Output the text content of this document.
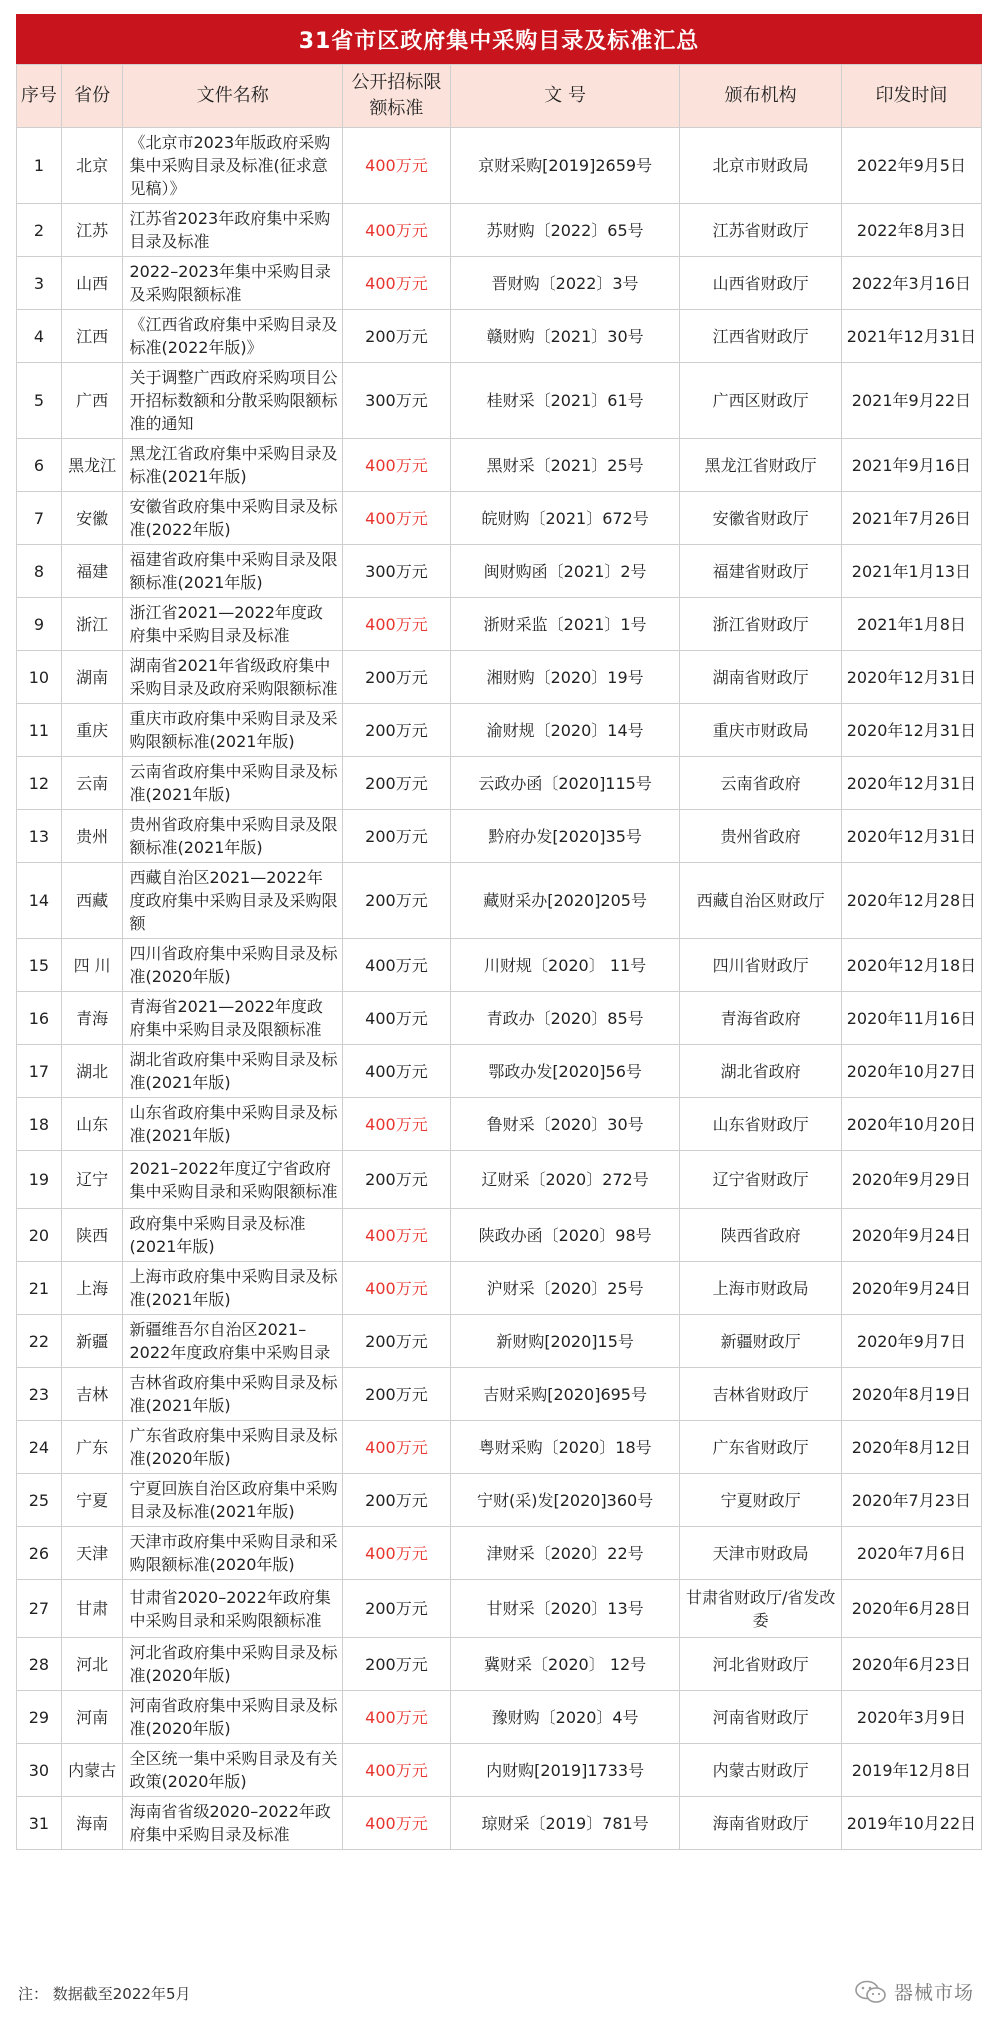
31省市区政府集中采购目录及标准汇总
序号	省份	文件名称	公开招标限额标准	文 号	颁布机构	印发时间
1	北京	《北京市2023年版政府采购集中采购目录及标准(征求意见稿）》	400万元	京财采购[2019]2659号	北京市财政局	2022年9月5日
2	江苏	江苏省2023年政府集中采购目录及标准	400万元	苏财购〔2022〕65号	江苏省财政厅	2022年8月3日
3	山西	2022–2023年集中采购目录及采购限额标准	400万元	晋财购〔2022〕3号	山西省财政厅	2022年3月16日
4	江西	《江西省政府集中采购目录及标准(2022年版)》	200万元	赣财购〔2021〕30号	江西省财政厅	2021年12月31日
5	广西	关于调整广西政府采购项目公开招标数额和分散采购限额标准的通知	300万元	桂财采〔2021〕61号	广西区财政厅	2021年9月22日
6	黑龙江	黑龙江省政府集中采购目录及标准(2021年版)	400万元	黑财采〔2021〕25号	黑龙江省财政厅	2021年9月16日
7	安徽	安徽省政府集中采购目录及标准(2022年版)	400万元	皖财购〔2021〕672号	安徽省财政厅	2021年7月26日
8	福建	福建省政府集中采购目录及限额标准(2021年版)	300万元	闽财购函〔2021〕2号	福建省财政厅	2021年1月13日
9	浙江	浙江省2021—2022年度政府集中采购目录及标准	400万元	浙财采监〔2021〕1号	浙江省财政厅	2021年1月8日
10	湖南	湖南省2021年省级政府集中采购目录及政府采购限额标准	200万元	湘财购〔2020〕19号	湖南省财政厅	2020年12月31日
11	重庆	重庆市政府集中采购目录及采购限额标准(2021年版)	200万元	渝财规〔2020〕14号	重庆市财政局	2020年12月31日
12	云南	云南省政府集中采购目录及标准(2021年版)	200万元	云政办函〔2020]115号	云南省政府	2020年12月31日
13	贵州	贵州省政府集中采购目录及限额标准(2021年版)	200万元	黔府办发[2020]35号	贵州省政府	2020年12月31日
14	西藏	西藏自治区2021—2022年度政府集中采购目录及采购限额	200万元	藏财采办[2020]205号	西藏自治区财政厅	2020年12月28日
15	四 川	四川省政府集中采购目录及标准(2020年版)	400万元	川财规〔2020〕 11号	四川省财政厅	2020年12月18日
16	青海	青海省2021—2022年度政府集中采购目录及限额标准	400万元	青政办〔2020〕85号	青海省政府	2020年11月16日
17	湖北	湖北省政府集中采购目录及标准(2021年版)	400万元	鄂政办发[2020]56号	湖北省政府	2020年10月27日
18	山东	山东省政府集中采购目录及标准(2021年版)	400万元	鲁财采〔2020〕30号	山东省财政厅	2020年10月20日
19	辽宁	2021–2022年度辽宁省政府集中采购目录和采购限额标准	200万元	辽财采〔2020〕272号	辽宁省财政厅	2020年9月29日
20	陕西	政府集中采购目录及标准(2021年版)	400万元	陕政办函〔2020〕98号	陕西省政府	2020年9月24日
21	上海	上海市政府集中采购目录及标准(2021年版)	400万元	沪财采〔2020〕25号	上海市财政局	2020年9月24日
22	新疆	新疆维吾尔自治区2021–2022年度政府集中采购目录	200万元	新财购[2020]15号	新疆财政厅	2020年9月7日
23	吉林	吉林省政府集中采购目录及标准(2021年版)	200万元	吉财采购[2020]695号	吉林省财政厅	2020年8月19日
24	广东	广东省政府集中采购目录及标准(2020年版)	400万元	粤财采购〔2020〕18号	广东省财政厅	2020年8月12日
25	宁夏	宁夏回族自治区政府集中采购目录及标准(2021年版)	200万元	宁财(采)发[2020]360号	宁夏财政厅	2020年7月23日
26	天津	天津市政府集中采购目录和采购限额标准(2020年版)	400万元	津财采〔2020〕22号	天津市财政局	2020年7月6日
27	甘肃	甘肃省2020–2022年政府集中采购目录和采购限额标准	200万元	甘财采〔2020〕13号	甘肃省财政厅/省发改委	2020年6月28日
28	河北	河北省政府集中采购目录及标准(2020年版)	200万元	冀财采〔2020〕 12号	河北省财政厅	2020年6月23日
29	河南	河南省政府集中采购目录及标准(2020年版)	400万元	豫财购〔2020〕4号	河南省财政厅	2020年3月9日
30	内蒙古	全区统一集中采购目录及有关政策(2020年版)	400万元	内财购[2019]1733号	内蒙古财政厅	2019年12月8日
31	海南	海南省省级2020–2022年政府集中采购目录及标准	400万元	琼财采〔2019〕781号	海南省财政厅	2019年10月22日
注： 数据截至2022年5月	器械市场
